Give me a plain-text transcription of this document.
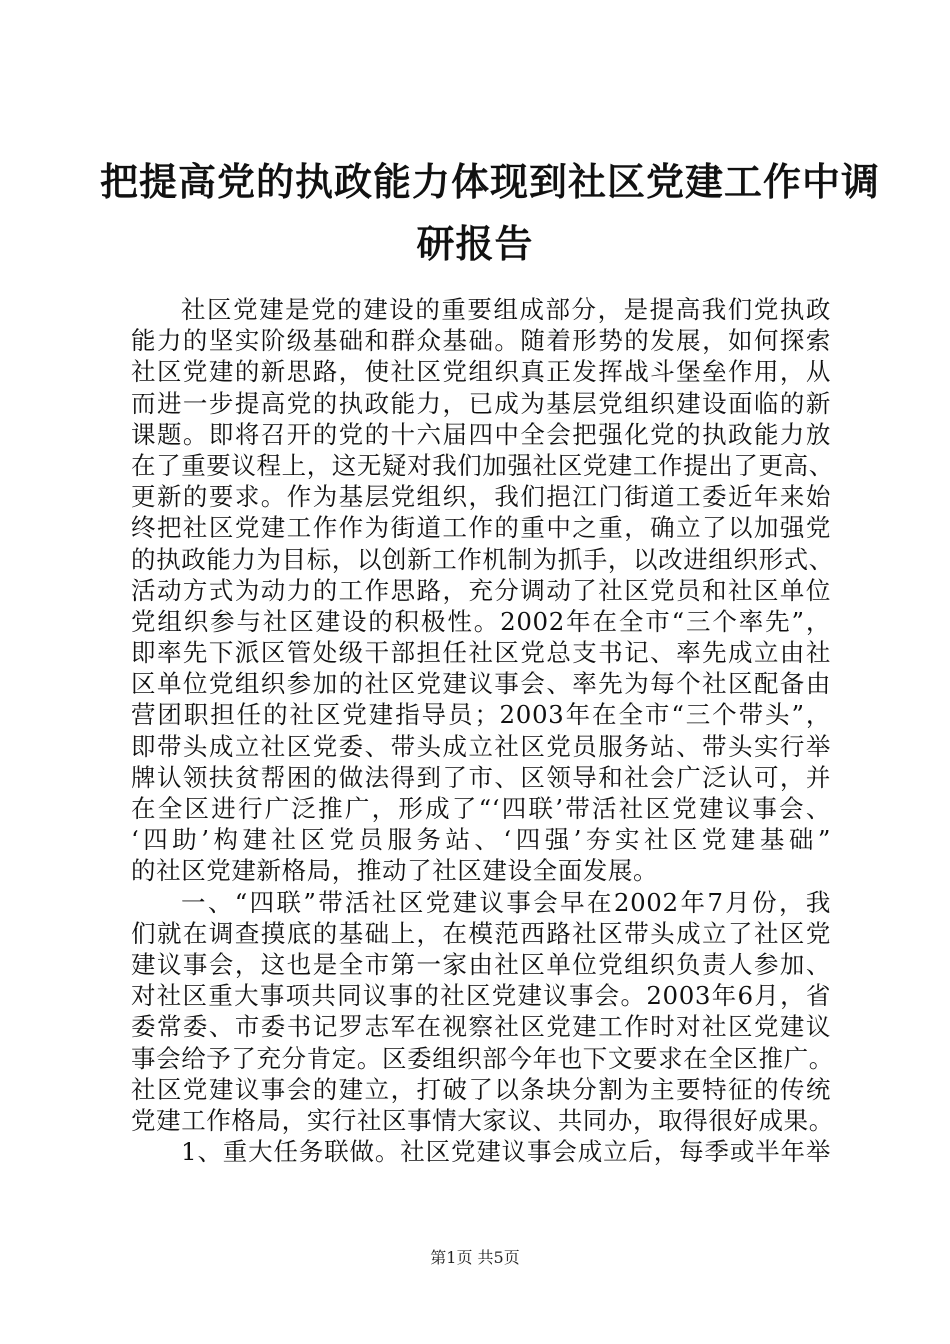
把提高党的执政能力体现到社区党建工作中调
研报告
社区党建是党的建设的重要组成部分，是提高我们党执政
能力的坚实阶级基础和群众基础。随着形势的发展，如何探索
社区党建的新思路，使社区党组织真正发挥战斗堡垒作用，从
而进一步提高党的执政能力，已成为基层党组织建设面临的新
课题。即将召开的党的十六届四中全会把强化党的执政能力放
在了重要议程上，这无疑对我们加强社区党建工作提出了更高、
更新的要求。作为基层党组织，我们挹江门街道工委近年来始
终把社区党建工作作为街道工作的重中之重，确立了以加强党
的执政能力为目标，以创新工作机制为抓手，以改进组织形式、
活动方式为动力的工作思路，充分调动了社区党员和社区单位
党组织参与社区建设的积极性。2002年在全市“三个率先”，
即率先下派区管处级干部担任社区党总支书记、率先成立由社
区单位党组织参加的社区党建议事会、率先为每个社区配备由
营团职担任的社区党建指导员；2003年在全市“三个带头”，
即带头成立社区党委、带头成立社区党员服务站、带头实行举
牌认领扶贫帮困的做法得到了市、区领导和社会广泛认可，并
在全区进行广泛推广，形成了“‘四联’带活社区党建议事会、
‘四助’构建社区党员服务站、‘四强’夯实社区党建基础”
的社区党建新格局，推动了社区建设全面发展。
一、“四联”带活社区党建议事会早在2002年7月份，我
们就在调查摸底的基础上，在模范西路社区带头成立了社区党
建议事会，这也是全市第一家由社区单位党组织负责人参加、
对社区重大事项共同议事的社区党建议事会。2003年6月，省
委常委、市委书记罗志军在视察社区党建工作时对社区党建议
事会给予了充分肯定。区委组织部今年也下文要求在全区推广。
社区党建议事会的建立，打破了以条块分割为主要特征的传统
党建工作格局，实行社区事情大家议、共同办，取得很好成果。
1、重大任务联做。社区党建议事会成立后，每季或半年举
第1页 共5页
